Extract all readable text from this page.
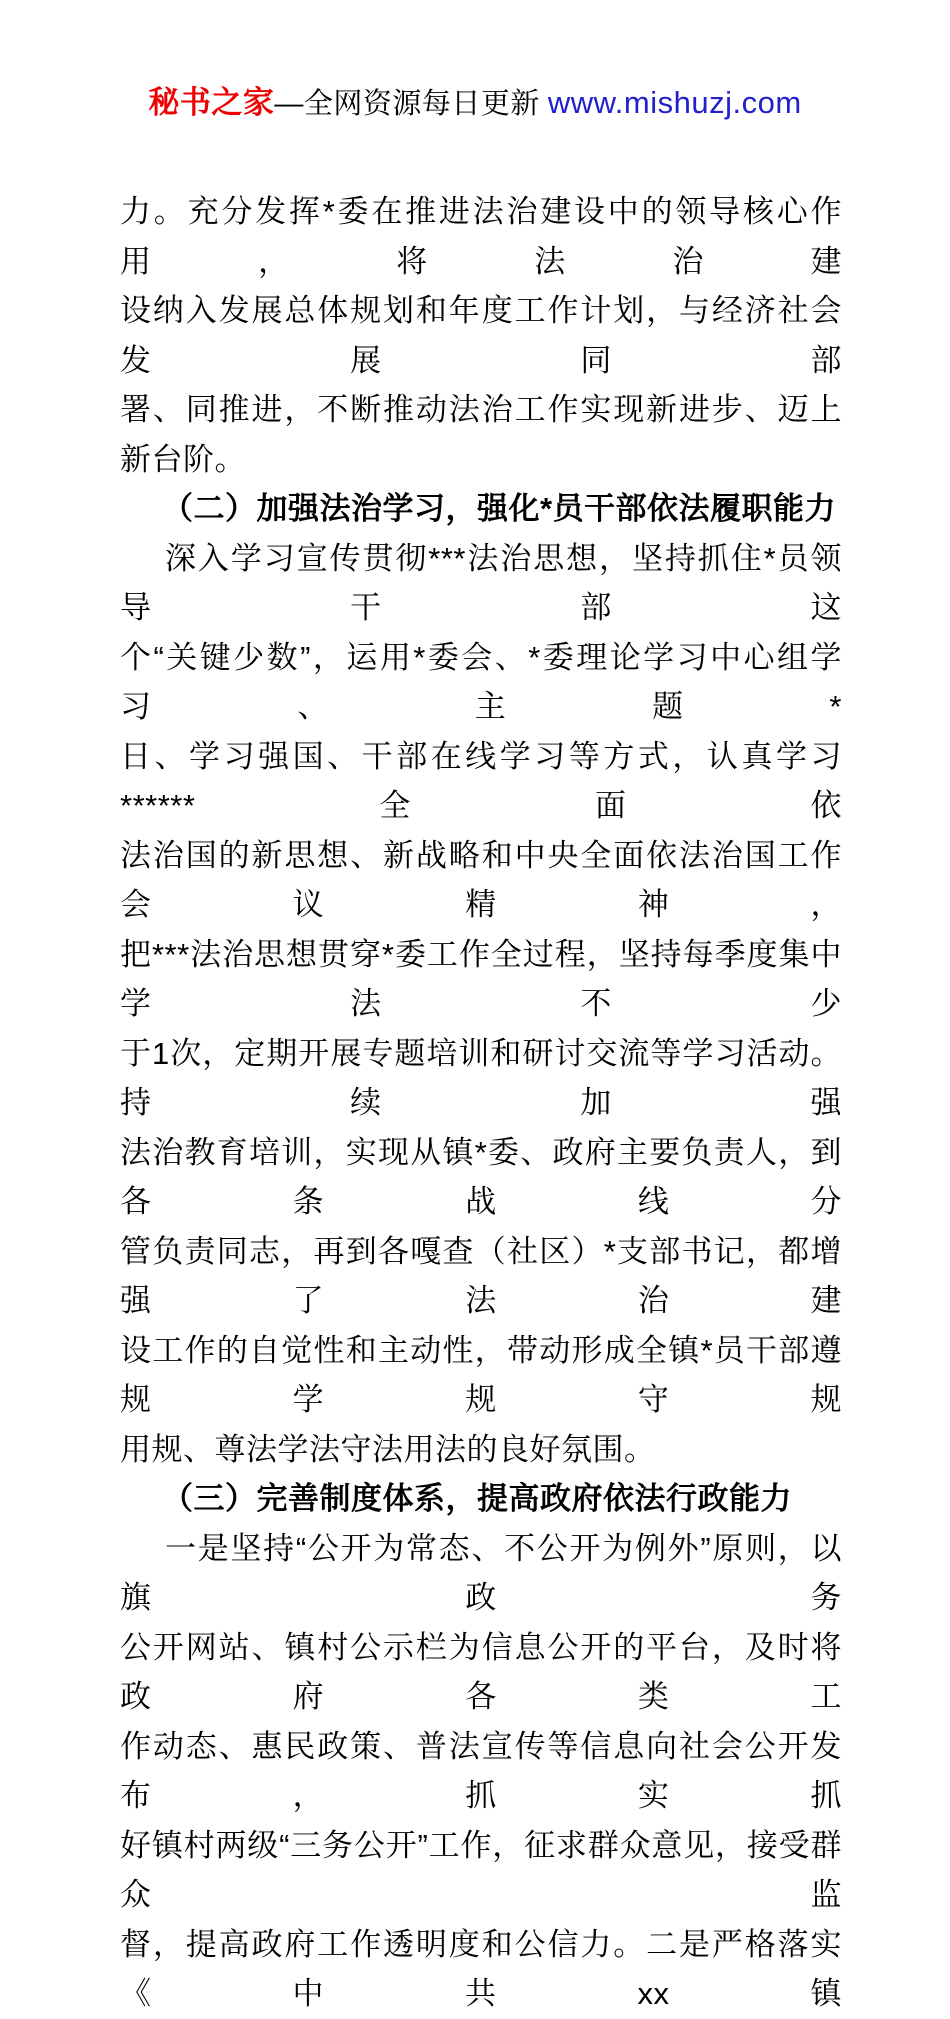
秘书之家—全网资源每日更新 www.mishuzj.com
力。充分发挥*委在推进法治建设中的领导核心作用，将法治建
设纳入发展总体规划和年度工作计划，与经济社会发展同部
署、同推进，不断推动法治工作实现新进步、迈上新台阶。
（二）加强法治学习，强化*员干部依法履职能力
深入学习宣传贯彻***法治思想，坚持抓住*员领导干部这
个“关键少数”，运用*委会、*委理论学习中心组学习、主题*
日、学习强国、干部在线学习等方式，认真学习******全面依
法治国的新思想、新战略和中央全面依法治国工作会议精神，
把***法治思想贯穿*委工作全过程，坚持每季度集中学法不少
于1次，定期开展专题培训和研讨交流等学习活动。持续加强
法治教育培训，实现从镇*委、政府主要负责人，到各条战线分
管负责同志，再到各嘎查（社区）*支部书记，都增强了法治建
设工作的自觉性和主动性，带动形成全镇*员干部遵规学规守规
用规、尊法学法守法用法的良好氛围。
（三）完善制度体系，提高政府依法行政能力
一是坚持“公开为常态、不公开为例外”原则，以旗政务
公开网站、镇村公示栏为信息公开的平台，及时将政府各类工
作动态、惠民政策、普法宣传等信息向社会公开发布，抓实抓
好镇村两级“三务公开”工作，征求群众意见，接受群众监
督，提高政府工作透明度和公信力。二是严格落实《中共xx镇
